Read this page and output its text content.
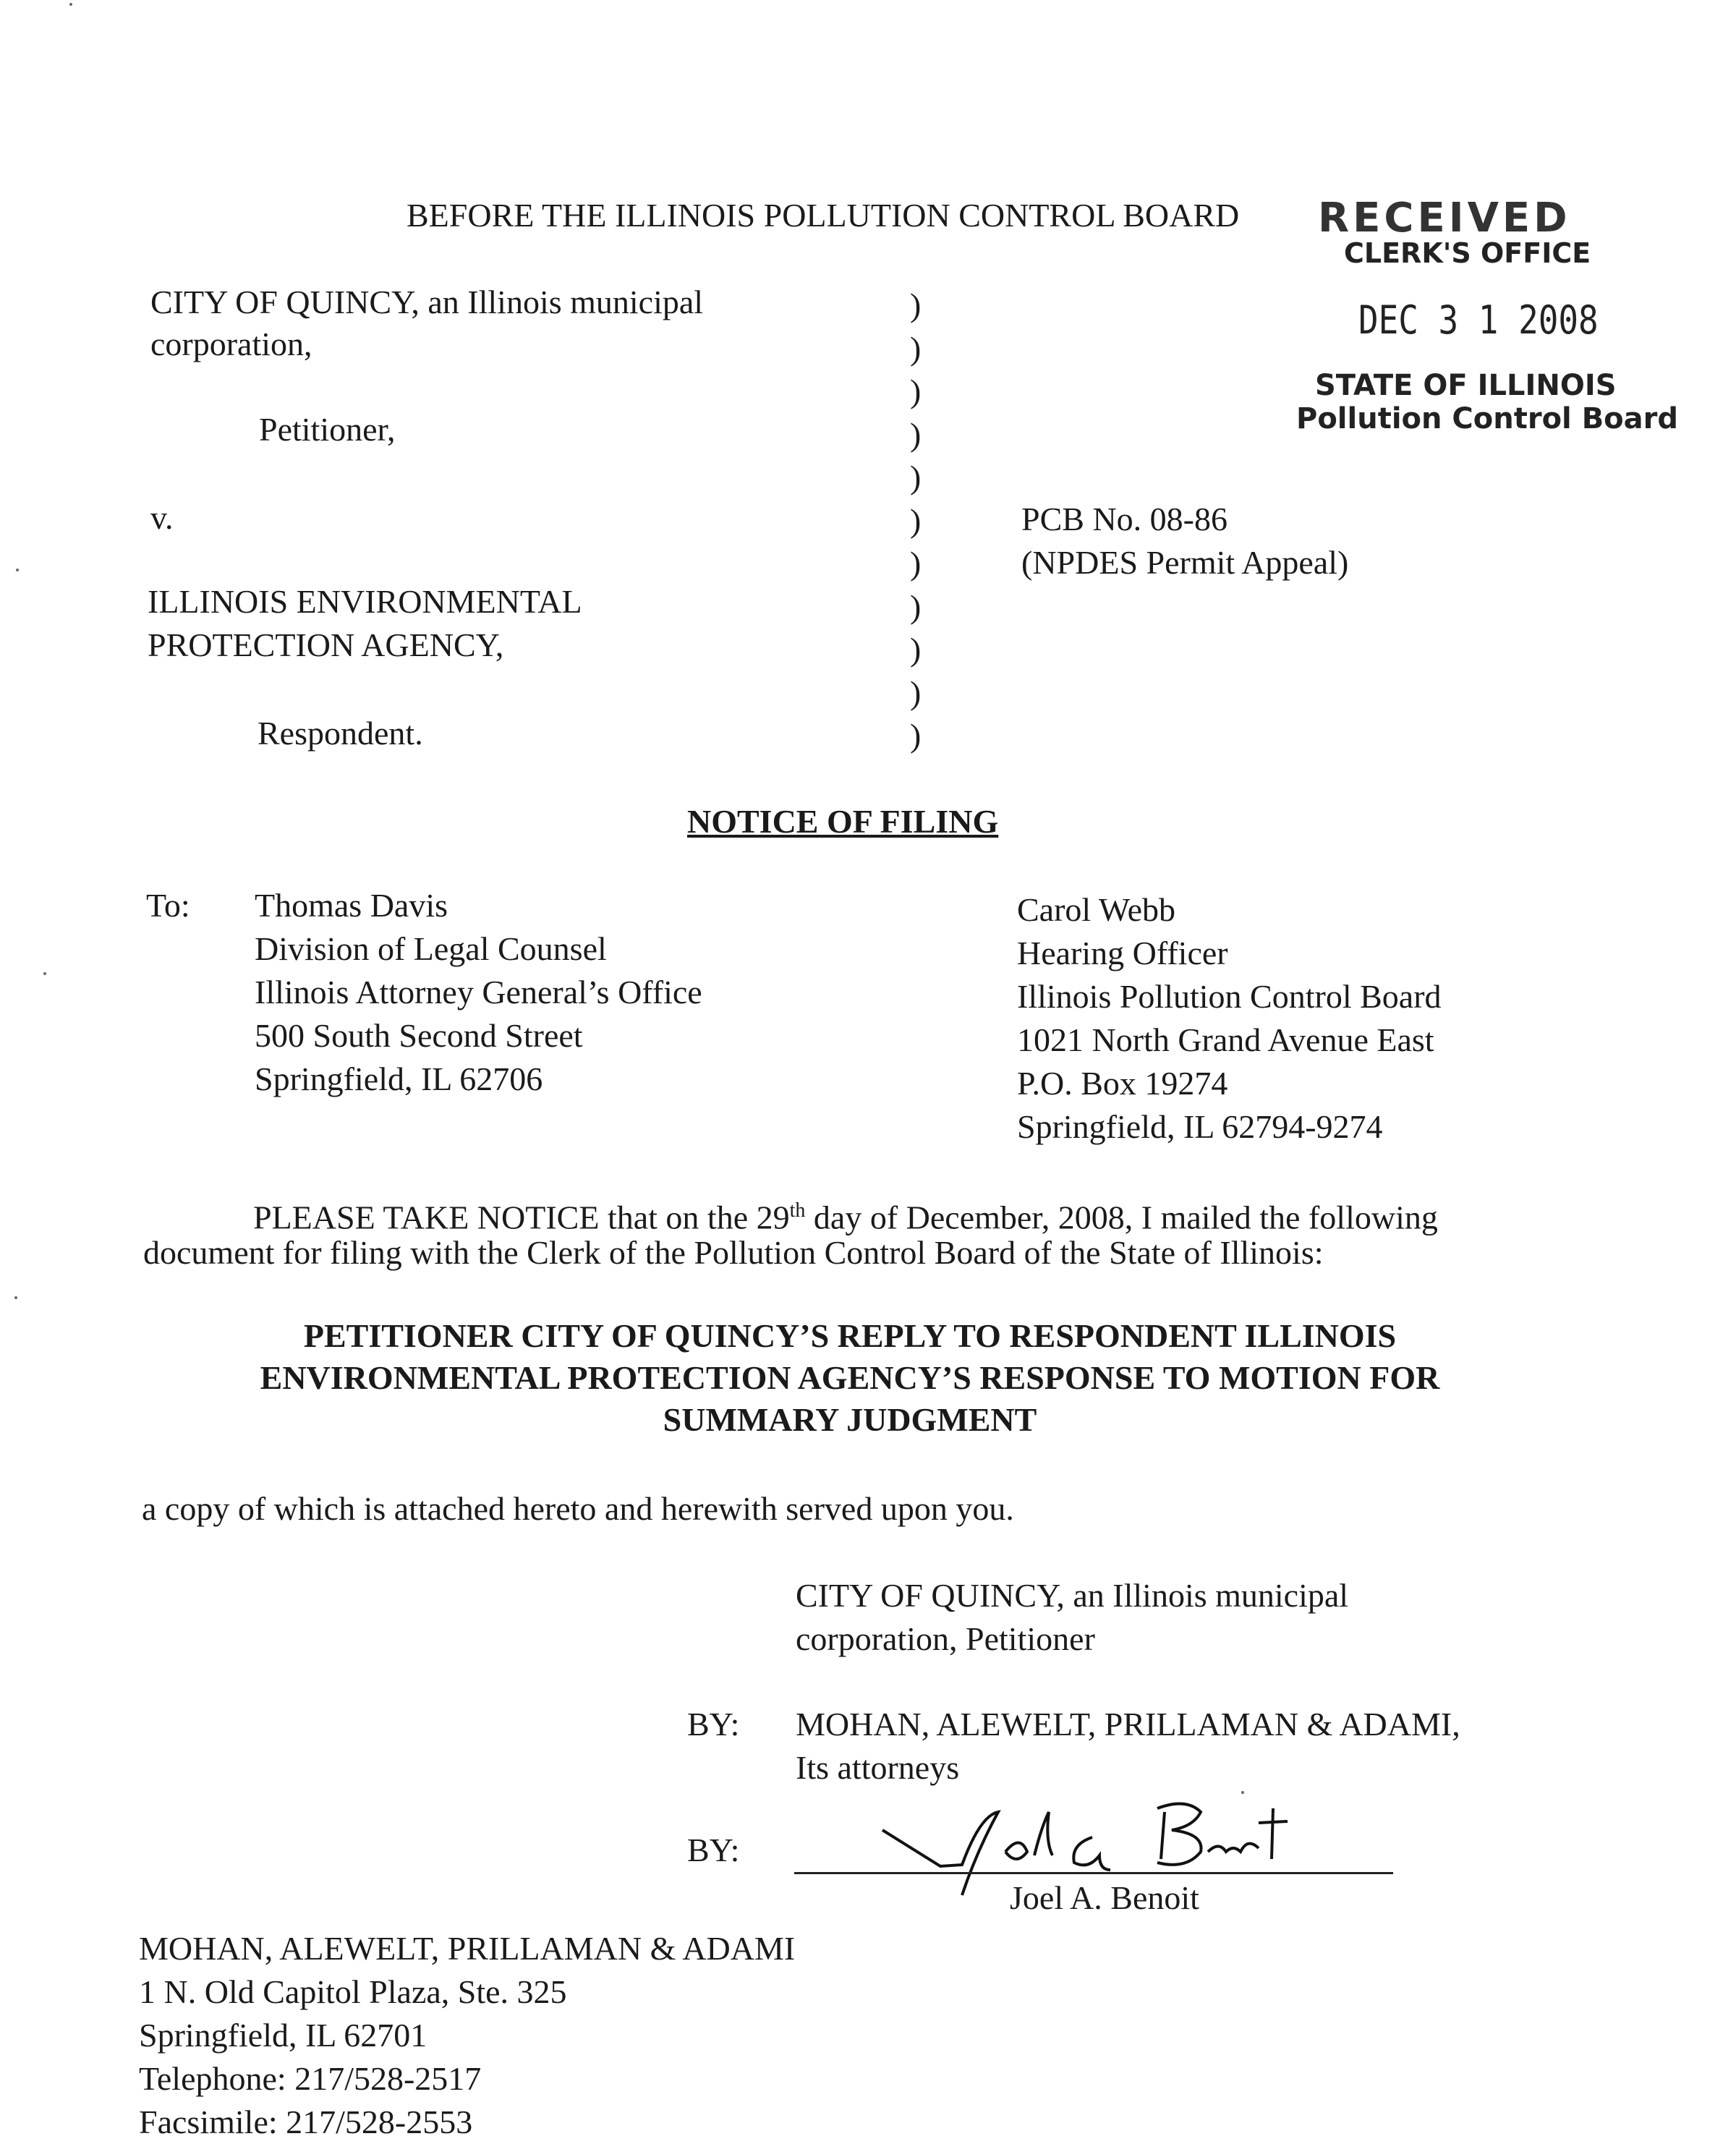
BEFORE THE ILLINOIS POLLUTION CONTROL BOARD RECEIVED
CLERK'S OFFICE
DEC 3 1 2008
STATE OF ILLINOIS
Pollution Control Board
CITY OF QUINCY, an Illinois municipal
corporation,
Petitioner,
v.
ILLINOIS ENVIRONMENTAL
PROTECTION AGENCY,
Respondent.
)
)
)
)
)
)
)
)
)
)
)
PCB No. 08-86
(NPDES Permit Appeal)
NOTICE OF FILING
To: Thomas Davis
Division of Legal Counsel
Illinois Attorney General’s Office
500 South Second Street
Springfield, IL 62706
Carol Webb
Hearing Officer
Illinois Pollution Control Board
1021 North Grand Avenue East
P.O. Box 19274
Springfield, IL 62794-9274
PLEASE TAKE NOTICE that on the 29th day of December, 2008, I mailed the following
document for filing with the Clerk of the Pollution Control Board of the State of Illinois:
PETITIONER CITY OF QUINCY’S REPLY TO RESPONDENT ILLINOIS
ENVIRONMENTAL PROTECTION AGENCY’S RESPONSE TO MOTION FOR
SUMMARY JUDGMENT
a copy of which is attached hereto and herewith served upon you.
CITY OF QUINCY, an Illinois municipal
corporation, Petitioner
BY: MOHAN, ALEWELT, PRILLAMAN & ADAMI,
Its attorneys
BY:
Joel A. Benoit
MOHAN, ALEWELT, PRILLAMAN & ADAMI
1 N. Old Capitol Plaza, Ste. 325
Springfield, IL 62701
Telephone: 217/528-2517
Facsimile: 217/528-2553
